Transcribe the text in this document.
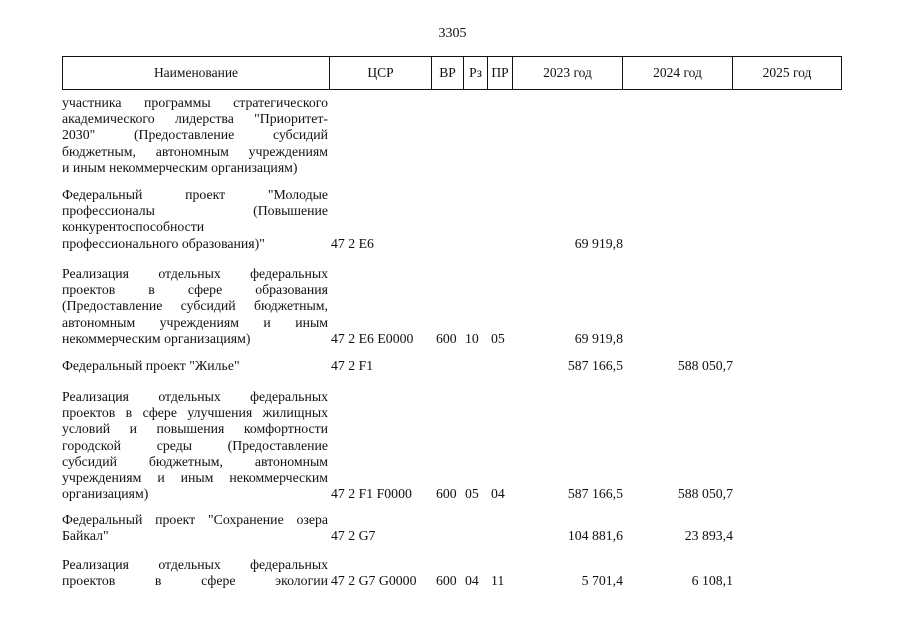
3305
Наименование	ЦСР	ВР Рз ПР	2023 год	2024 год	2025 год
участника программы стратегического
академического лидерства "Приоритет-
2030" (Предоставление субсидий
бюджетным, автономным учреждениям
и иным некоммерческим организациям)
Федеральный проект "Молодые
профессионалы (Повышение
конкурентоспособности
профессионального образования)"	47 2 Е6	69 919,8
Реализация отдельных федеральных
проектов в сфере образования
(Предоставление субсидий бюджетным,
автономным учреждениям и иным
некоммерческим организациям)	47 2 Е6 Е0000 600 10 05	69 919,8
Федеральный проект "Жилье"	47 2 F1	587 166,5	588 050,7
Реализация отдельных федеральных
проектов в сфере улучшения жилищных
условий и повышения комфортности
городской среды (Предоставление
субсидий бюджетным, автономным
учреждениям и иным некоммерческим
организациям)	47 2 F1 F0000 600 05 04	587 166,5	588 050,7
Федеральный проект "Сохранение озера
Байкал"	47 2 G7	104 881,6	23 893,4
Реализация отдельных федеральных
проектов в сфере экологии 47 2 G7 G0000 600 04 11	5 701,4	6 108,1
